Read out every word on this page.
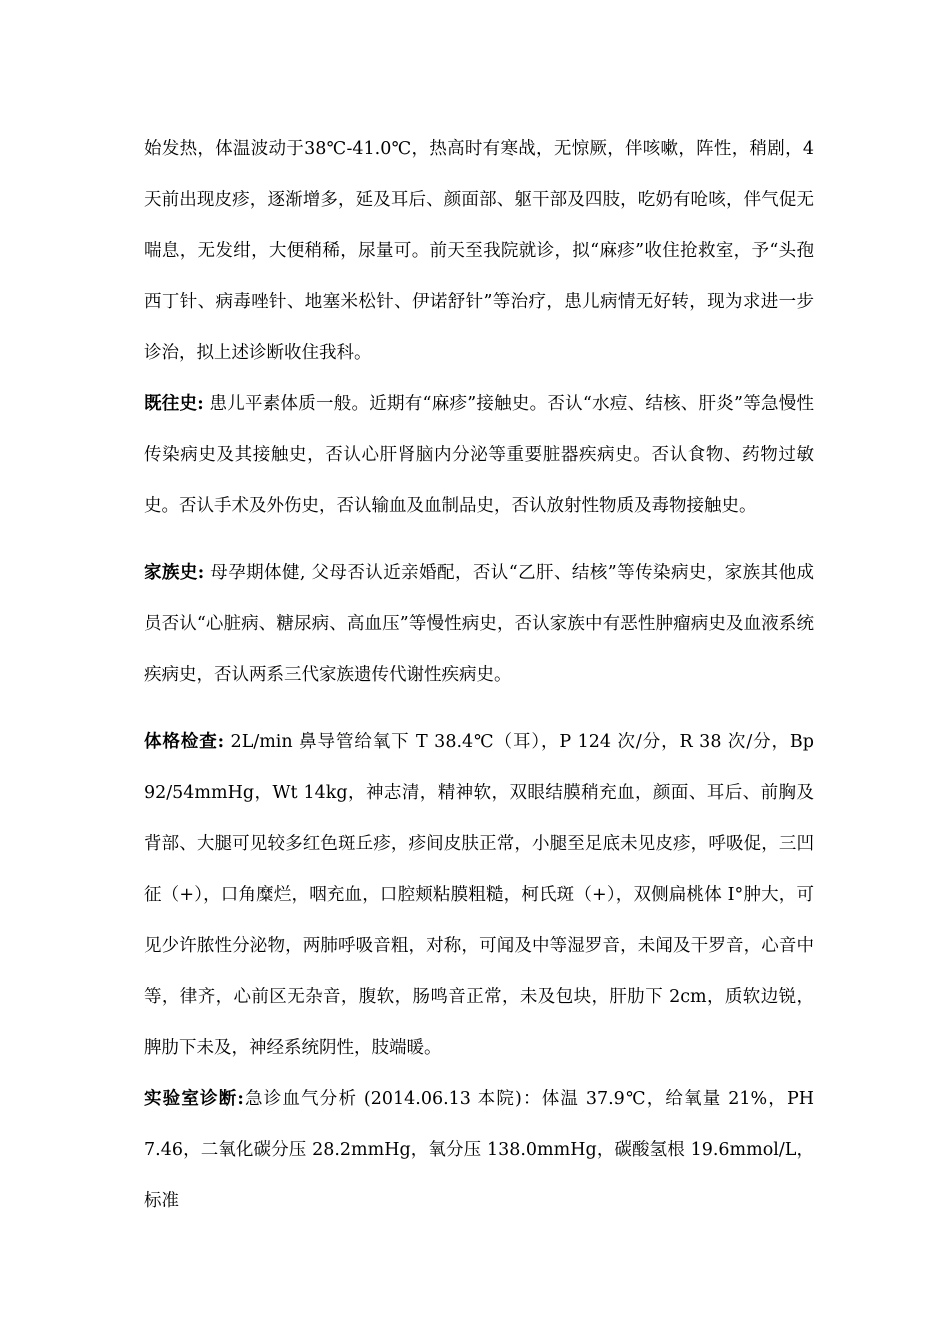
始发热，体温波动于38℃-41.0℃，热高时有寒战，无惊厥，伴咳嗽，阵性，稍剧，4天前出现皮疹，逐渐增多，延及耳后、颜面部、躯干部及四肢，吃奶有呛咳，伴气促无喘息，无发绀，大便稍稀，尿量可。前天至我院就诊，拟“麻疹”收住抢救室，予“头孢西丁针、病毒唑针、地塞米松针、伊诺舒针”等治疗，患儿病情无好转，现为求进一步诊治，拟上述诊断收住我科。

既往史: 患儿平素体质一般。近期有“麻疹”接触史。否认“水痘、结核、肝炎”等急慢性传染病史及其接触史，否认心肝肾脑内分泌等重要脏器疾病史。否认食物、药物过敏史。否认手术及外伤史，否认输血及血制品史，否认放射性物质及毒物接触史。

家族史: 母孕期体健, 父母否认近亲婚配，否认“乙肝、结核”等传染病史，家族其他成员否认“心脏病、糖尿病、高血压”等慢性病史，否认家族中有恶性肿瘤病史及血液系统疾病史，否认两系三代家族遗传代谢性疾病史。

体格检查: 2L/min 鼻导管给氧下 T 38.4℃（耳），P 124 次/分，R 38 次/分，Bp 92/54mmHg，Wt 14kg，神志清，精神软，双眼结膜稍充血，颜面、耳后、前胸及背部、大腿可见较多红色斑丘疹，疹间皮肤正常，小腿至足底未见皮疹，呼吸促，三凹征（+），口角糜烂，咽充血，口腔颊粘膜粗糙，柯氏斑（+），双侧扁桃体 I°肿大，可见少许脓性分泌物，两肺呼吸音粗，对称，可闻及中等湿罗音，未闻及干罗音，心音中等，律齐，心前区无杂音，腹软，肠鸣音正常，未及包块，肝肋下 2cm，质软边锐，脾肋下未及，神经系统阴性，肢端暖。

实验室诊断:急诊血气分析 (2014.06.13 本院)：体温 37.9℃，给氧量 21%，PH 7.46，二氧化碳分压 28.2mmHg，氧分压 138.0mmHg，碳酸氢根 19.6mmol/L，标准
